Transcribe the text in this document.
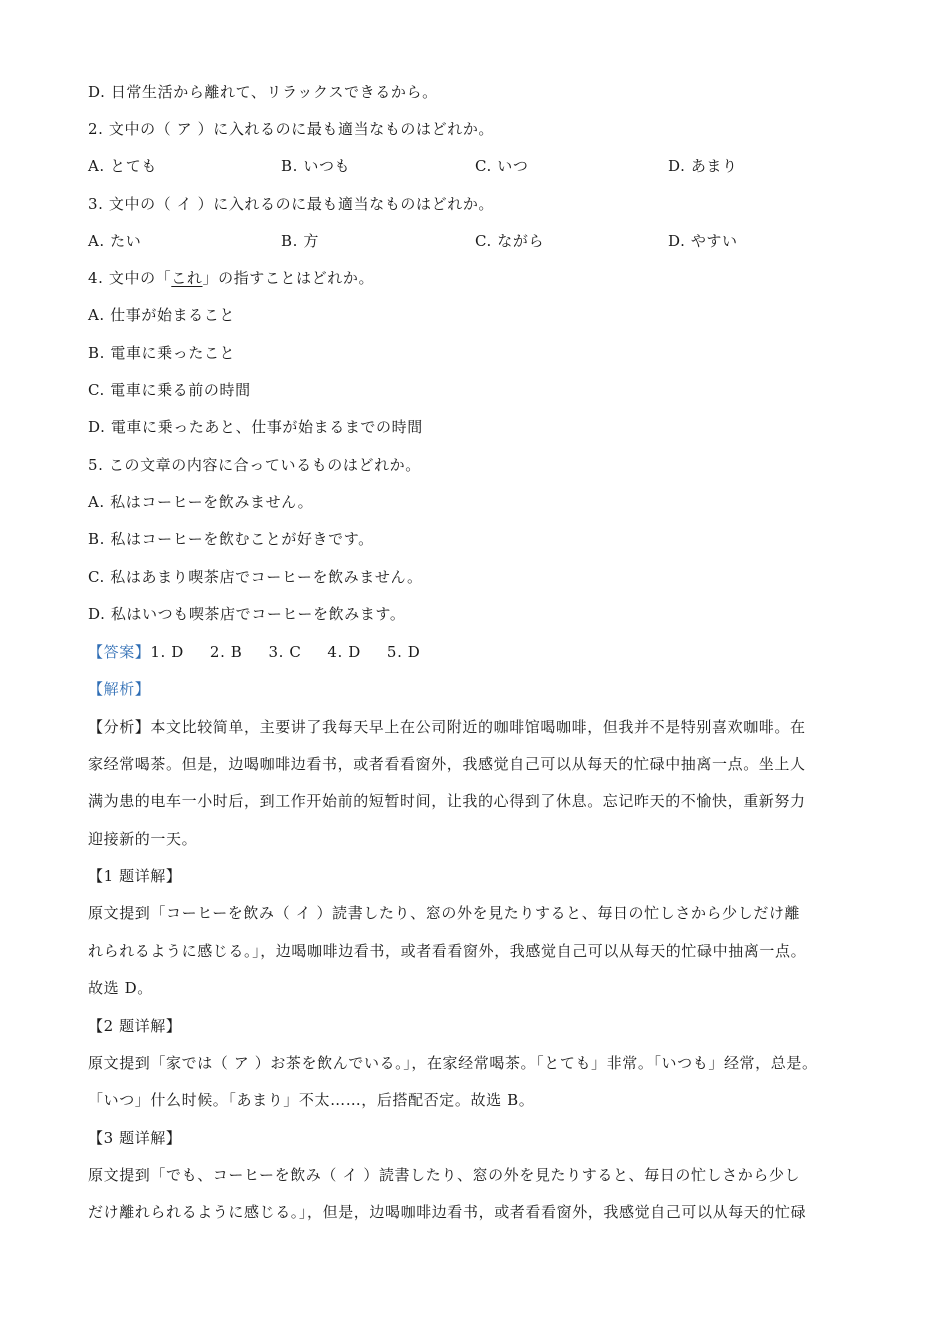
D. 日常生活から離れて、リラックスできるから。
2. 文中の（ ア ）に入れるのに最も適当なものはどれか。
A. とても	B. いつも	C. いつ	D. あまり
3. 文中の（ イ ）に入れるのに最も適当なものはどれか。
A. たい	B. 方	C. ながら	D. やすい
4. 文中の「これ」の指すことはどれか。
A. 仕事が始まること
B. 電車に乗ったこと
C. 電車に乗る前の時間
D. 電車に乗ったあと、仕事が始まるまでの時間
5. この文章の内容に合っているものはどれか。
A. 私はコーヒーを飲みません。
B. 私はコーヒーを飲むことが好きです。
C. 私はあまり喫茶店でコーヒーを飲みません。
D. 私はいつも喫茶店でコーヒーを飲みます。
【答案】1. D 2. B 3. C 4. D 5. D
【解析】
【分析】本文比较简单，主要讲了我每天早上在公司附近的咖啡馆喝咖啡，但我并不是特别喜欢咖啡。在
家经常喝茶。但是，边喝咖啡边看书，或者看看窗外，我感觉自己可以从每天的忙碌中抽离一点。坐上人
满为患的电车一小时后，到工作开始前的短暂时间，让我的心得到了休息。忘记昨天的不愉快，重新努力
迎接新的一天。
【1 题详解】
原文提到「コーヒーを飲み（ イ ）読書したり、窓の外を見たりすると、毎日の忙しさから少しだけ離
れられるように感じる。」，边喝咖啡边看书，或者看看窗外，我感觉自己可以从每天的忙碌中抽离一点。
故选 D。
【2 题详解】
原文提到「家では（ ア ）お茶を飲んでいる。」，在家经常喝茶。「とても」非常。「いつも」经常，总是。
「いつ」什么时候。「あまり」不太……，后搭配否定。故选 B。
【3 题详解】
原文提到「でも、コーヒーを飲み（ イ ）読書したり、窓の外を見たりすると、毎日の忙しさから少し
だけ離れられるように感じる。」，但是，边喝咖啡边看书，或者看看窗外，我感觉自己可以从每天的忙碌
